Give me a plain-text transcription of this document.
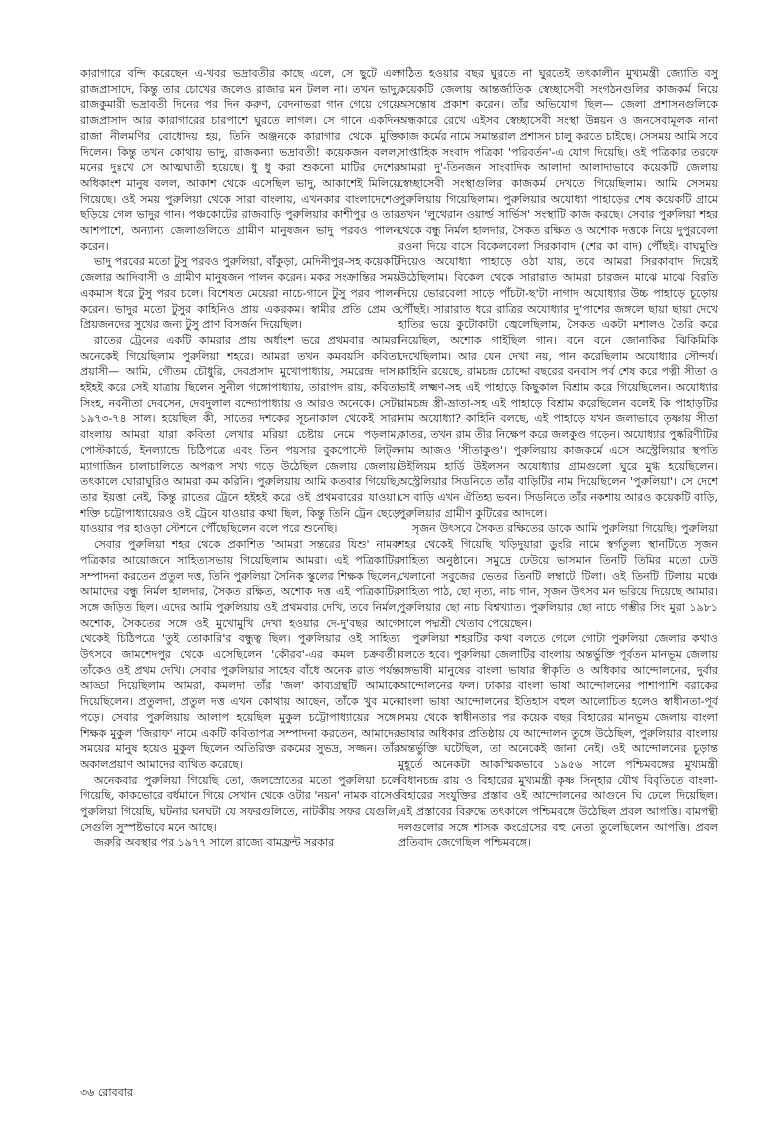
কারাগারে বন্দি করেছেন এ-খবর ভদ্রাবতীর কাছে এলে, সে ছুটে এল রাজপ্রাসাদে, কিন্তু তার চোখের জলেও রাজার মন টলল না। তখন ভাদু, রাজকুমারী ভদ্রাবতী দিনের পর দিন করুণ, বেদনাভরা গান গেয়ে গেয়ে রাজপ্রাসাদ আর কারাগারের চারপাশে ঘুরতে লাগল। সে গানে একদিন রাজা নীলমণির বোধোদয় হয়, তিনি অঞ্জনকে কারাগার থেকে মুক্তি দিলেন। কিন্তু তখন কোথায় ভাদু, রাজকন্যা ভদ্রাবতী! কয়েকজন বলল, মনের দুঃখে সে আত্মঘাতী হয়েছে। ধু ধু করা শুকনো মাটির দেশের অধিকাংশ মানুষ বলল, আকাশ থেকে এসেছিল ভাদু, আকাশেই মিলিয়ে গিয়েছে। ওই সময় পুরুলিয়া থেকে সারা বাংলায়, এখনকার বাংলাদেশেও ছড়িয়ে গেল ভাদুর গান। পঞ্চকোটের রাজবাড়ি পুরুলিয়ার কাশীপুর ও তার আশপাশে, অন্যান্য জেলাগুলিতে গ্রামীণ মানুষজন ভাদু পরবও পালন করেন।

ভাদু পরবের মতো টুসু পরবও পুরুলিয়া, বাঁকুড়া, মেদিনীপুর-সহ কয়েকটি জেলার আদিবাসী ও গ্রামীণ মানুষজন পালন করেন। মকর সংক্রান্তির সময় একমাস ধরে টুসু পরব চলে। বিশেষত মেয়েরা নাচে-গানে টুসু পরব পালন করেন। ভাদুর মতো টুসুর কাহিনিও প্রায় একরকম। স্বামীর প্রতি প্রেম ও প্রিয়জনদের সুখের জন্য টুসু প্রাণ বিসর্জন দিয়েছিল।

রাতের ট্রেনের একটি কামরার প্রায় অর্ধাংশ ভরে প্রথমবার আমরা অনেকেই গিয়েছিলাম পুরুলিয়া শহরে। আমরা তখন কমবয়সি কবিতা প্রয়াসী— আমি, গৌতম চৌধুরি, দেবপ্রসাদ মুখোপাধ্যায়, সমরেন্দ্র দাস। হইহই করে সেই যাত্রায় ছিলেন সুনীল গঙ্গোপাধ্যায়, তারাপদ রায়, কবিতা সিংহ, নবনীতা দেবসেন, দেবদুলাল বন্দ্যোপাধ্যায় ও আরও অনেকে। সেটা ১৯৭৩-৭৪ সাল। হয়েছিল কী, সাতের দশকের সূচনাকাল থেকেই সারা বাংলায় আমরা যারা কবিতা লেখার মরিয়া চেষ্টায় নেমে পড়লাম, পোস্টকার্ডে, ইনল্যান্ডে চিঠিপত্রে এবং তিন পয়সার বুকপোস্টে লিট্‌ল ম্যাগাজিন চালাচালিতে অপরূপ সখ্য গড়ে উঠেছিল জেলায় জেলায়। তৎকালে ঘোরাঘুরিও আমরা কম করিনি। পুরুলিয়ায় আমি কতবার গিয়েছি, তার ইয়ত্তা নেই, কিন্তু রাতের ট্রেনে হইহই করে ওই প্রথমবারের যাওয়া। শক্তি চট্টোপাধ্যায়েরও ওই ট্রেনে যাওয়ার কথা ছিল, কিন্তু তিনি ট্রেন ছেড়ে যাওয়ার পর হাওড়া স্টেশনে পৌঁছেছিলেন বলে পরে শুনেছি।

সেবার পুরুলিয়া শহর থেকে প্রকাশিত 'আমরা সন্তরের যিশু' নামক পত্রিকার আয়োজনে সাহিত্যসভায় গিয়েছিলাম আমরা। এই পত্রিকাটির সম্পাদনা করতেন প্রতুল দত্ত, তিনি পুরুলিয়া সৈনিক স্কুলের শিক্ষক ছিলেন, আমাদের বন্ধু নির্মল হালদার, সৈকত রক্ষিত, অশোক দত্ত এই পত্রিকাটির সঙ্গে জড়িত ছিল। এদের আমি পুরুলিয়ায় ওই প্রথমবার দেখি, তবে নির্মল, অশোক, সৈকতের সঙ্গে ওই মুখোমুখি দেখা হওয়ার দে-দু'বছর আগে থেকেই চিঠিপত্রে 'তুই তোকারি'র বন্ধুত্ব ছিল। পুরুলিয়ার ওই সাহিত্য উৎসবে জামশেদপুর থেকে এসেছিলেন 'কৌরব'-এর কমল চক্রবর্তী। তাঁকেও ওই প্রথম দেখি। সেবার পুরুলিয়ার সাহেব বাঁধে অনেক রাত পর্যন্ত আড্ডা দিয়েছিলাম আমরা, কমলদা তাঁর 'জল' কাব্যগ্রন্থটি আমাকে দিয়েছিলেন। প্রতুলদা, প্রতুল দত্ত এখন কোথায় আছেন, তাঁকে খুব মনে পড়ে। সেবার পুরুলিয়ায় আলাপ হয়েছিল মুকুল চট্টোপাধ্যায়ের সঙ্গে। শিক্ষক মুকুল 'জিরাফ' নামে একটি কবিতাপত্র সম্পাদনা করতেন, আমাদের সময়ের মানুষ হয়েও মুকুল ছিলেন অতিরিক্ত রকমের সুভদ্র, সজ্জন। তাঁর অকালপ্রয়াণ আমাদের ব্যথিত করেছে।

অনেকবার পুরুলিয়া গিয়েছি তো, জলস্রোতের মতো পুরুলিয়া চলে গিয়েছি, কাকভোরে বর্ধমানে গিয়ে সেখান থেকে ওটার 'নয়ন' নামক বাসেও পুরুলিয়া গিয়েছি, ঘটনার ঘনঘটা যে সফরগুলিতে, নাটকীয় সফর যেগুলি, সেগুলি সুস্পষ্টভাবে মনে আছে।

জরুরি অবস্থার পর ১৯৭৭ সালে রাজ্যে বামফ্রন্ট সরকার

গঠিত হওয়ার বছর ঘুরতে না ঘুরতেই তৎকালীন মুখ্যমন্ত্রী জ্যোতি বসু কয়েকটি জেলায় আন্তর্জাতিক স্বেচ্ছাসেবী সংগঠনগুলির কাজকর্ম নিয়ে অসন্তোষ প্রকাশ করেন। তাঁর অভিযোগ ছিল— জেলা প্রশাসনগুলিকে অন্ধকারে রেখে এইসব স্বেচ্ছাসেবী সংস্থা উন্নয়ন ও জনসেবামূলক নানা কাজ কর্মের নামে সমান্তরাল প্রশাসন চালু করতে চাইছে। সেসময় আমি সবে সাপ্তাহিক সংবাদ পত্রিকা 'পরিবর্তন'-এ যোগ দিয়েছি। ওই পত্রিকার তরফে আমরা দু'-তিনজন সাংবাদিক আলাদা আলাদাভাবে কয়েকটি জেলায় স্বেচ্ছাসেবী সংস্থাগুলির কাজকর্ম দেখতে গিয়েছিলাম। আমি সেসময় পুরুলিয়ায় গিয়েছিলাম। পুরুলিয়ার অযোধ্যা পাহাড়ের শেষ কয়েকটি গ্রামে তখন 'লুথেরান ওয়ার্ল্ড সার্ভিস' সংস্থাটি কাজ করছে। সেবার পুরুলিয়া শহর থেকে বন্ধু নির্মল হালদার, সৈকত রক্ষিত ও অশোক দত্তকে নিয়ে দুপুরবেলা রওনা দিয়ে বাসে বিকেলবেলা সিরকাবাদ (শের কা বাদ) পৌঁছই। বাঘমুণ্ডি দিয়েও অযোধ্যা পাহাড়ে ওঠা যায়, তবে আমরা সিরকাবাদ দিয়েই উঠেছিলাম। বিকেল থেকে সারারাত আমরা চারজন মাঝে মাঝে বিরতি দিয়ে ভোরবেলা সাড়ে পাঁচটা-ছ'টা নাগাদ অযোধ্যার উচ্চ পাহাড়ে চূড়োয় পৌঁছই। সারারাত ধরে রাত্রির অযোধ্যার দু'পাশের জঙ্গলে ছায়া ছায়া দেখে হাতির ভয়ে কুটোকাটা জ্বেলেছিলাম, সৈকত একটা মশালও তৈরি করে নিয়েছিল, অশোক গাইছিল গান। বনে বনে জোনাকির ঝিকিমিকি দেখেছিলাম। আর যেন দেখা নয়, পান করেছিলাম অযোধ্যার সৌন্দর্য। কাহিনি রয়েছে, রামচন্দ্র চোদ্দো বছরের বনবাস পর্ব শেষ করে পত্নী সীতা ও ভাই লক্ষ্মণ-সহ এই পাহাড়ে কিছুকাল বিশ্রাম করে গিয়েছিলেন। অযোধ্যার রামচন্দ্র স্ত্রী-ভ্রাতা-সহ এই পাহাড়ে বিশ্রাম করেছিলেন বলেই কি পাহাড়টির নাম অযোধ্যা? কাহিনি বলছে, এই পাহাড়ে যখন জলাভাবে তৃষ্ণায় সীতা কাতর, তখন রাম তীর নিক্ষেপ করে জলকুণ্ড গড়েন। অযোধ্যার পুষ্করিণীটির নাম আজও 'সীতাকুণ্ড'। পুরুলিয়ায় কাজকর্মে এসে অস্ট্রেলিয়ার স্থপতি উইলিয়ম হার্ডি উইলসন অযোধ্যার গ্রামগুলো ঘুরে মুগ্ধ হয়েছিলেন। অস্ট্রেলিয়ার সিডনিতে তাঁর বাড়িটির নাম দিয়েছিলেন 'পুরুলিয়া'। সে দেশে সে বাড়ি এখন ঐতিহ্য ভবন। সিডনিতে তাঁর নকশায় আরও কয়েকটি বাড়ি, পুরুলিয়ার গ্রামীণ কুটিরের আদলে।

সৃজন উৎসবে সৈকত রক্ষিতের ডাকে আমি পুরুলিয়া গিয়েছি। পুরুলিয়া শহর থেকেই গিয়েছি খড়িদুয়ারা ডুংরি নামে স্বর্গতুল্য স্থানটিতে সৃজন সাহিত্য অনুষ্ঠানে। সমুদ্রে ঢেউয়ে ভাসমান তিনটি তিমির মতো ঢেউ খেলানো সবুজের ভেতর তিনটি লম্বাটে টিলা। ওই তিনটি টিলায় মঞ্চে সাহিত্য পাঠ, ছো নৃত্য, নাচ গান, সৃজন উৎসব মন ভরিয়ে দিয়েছে আমার। পুরুলিয়ার ছো নাচ বিশ্বখ্যাত। পুরুলিয়ার ছো নাচে গম্ভীর সিং মুরা ১৯৮১ সালে পদ্মশ্রী খেতাব পেয়েছেন।

পুরুলিয়া শহরটির কথা বলতে গেলে গোটা পুরুলিয়া জেলার কথাও বলতে হবে। পুরুলিয়া জেলাটির বাংলায় অন্তর্ভুক্তি পূর্বতন মানভূম জেলায় বঙ্গভাষী মানুষের বাংলা ভাষার স্বীকৃতি ও অধিকার আন্দোলনের, দুর্বার আন্দোলনের ফল। ঢাকার বাংলা ভাষা আন্দোলনের পাশাপাশি বরাকের বাংলা ভাষা আন্দোলনের ইতিহাস বহুল আলোচিত হলেও স্বাধীনতা-পূর্ব সময় থেকে স্বাধীনতার পর কয়েক বছর বিহারের মানভূম জেলায় বাংলা ভাষার অধিকার প্রতিষ্ঠায় যে আন্দোলন তুঙ্গে উঠেছিল, পুরুলিয়ার বাংলায় অন্তর্ভুক্তি ঘটেছিল, তা অনেকেই জানা নেই। ওই আন্দোলনের চূড়ান্ত মুহূর্তে অনেকটা আকস্মিকভাবে ১৯৫৬ সালে পশ্চিমবঙ্গের মুখ্যমন্ত্রী বিধানচন্দ্র রায় ও বিহারের মুখ্যমন্ত্রী কৃষ্ণ সিন্‌হার যৌথ বিবৃতিতে বাংলা-বিহারের সংযুক্তির প্রস্তাব ওই আন্দোলনের আগুনে ঘি ঢেলে দিয়েছিল। এই প্রস্তাবের বিরুদ্ধে তৎকালে পশ্চিমবঙ্গে উঠেছিল প্রবল আপত্তি। বামপন্থী দলগুলোর সঙ্গে শাসক কংগ্রেসের বহু নেতা তুলেছিলেন আপত্তি। প্রবল প্রতিবাদ জেগেছিল পশ্চিমবঙ্গে।

৩৬ রোববার
